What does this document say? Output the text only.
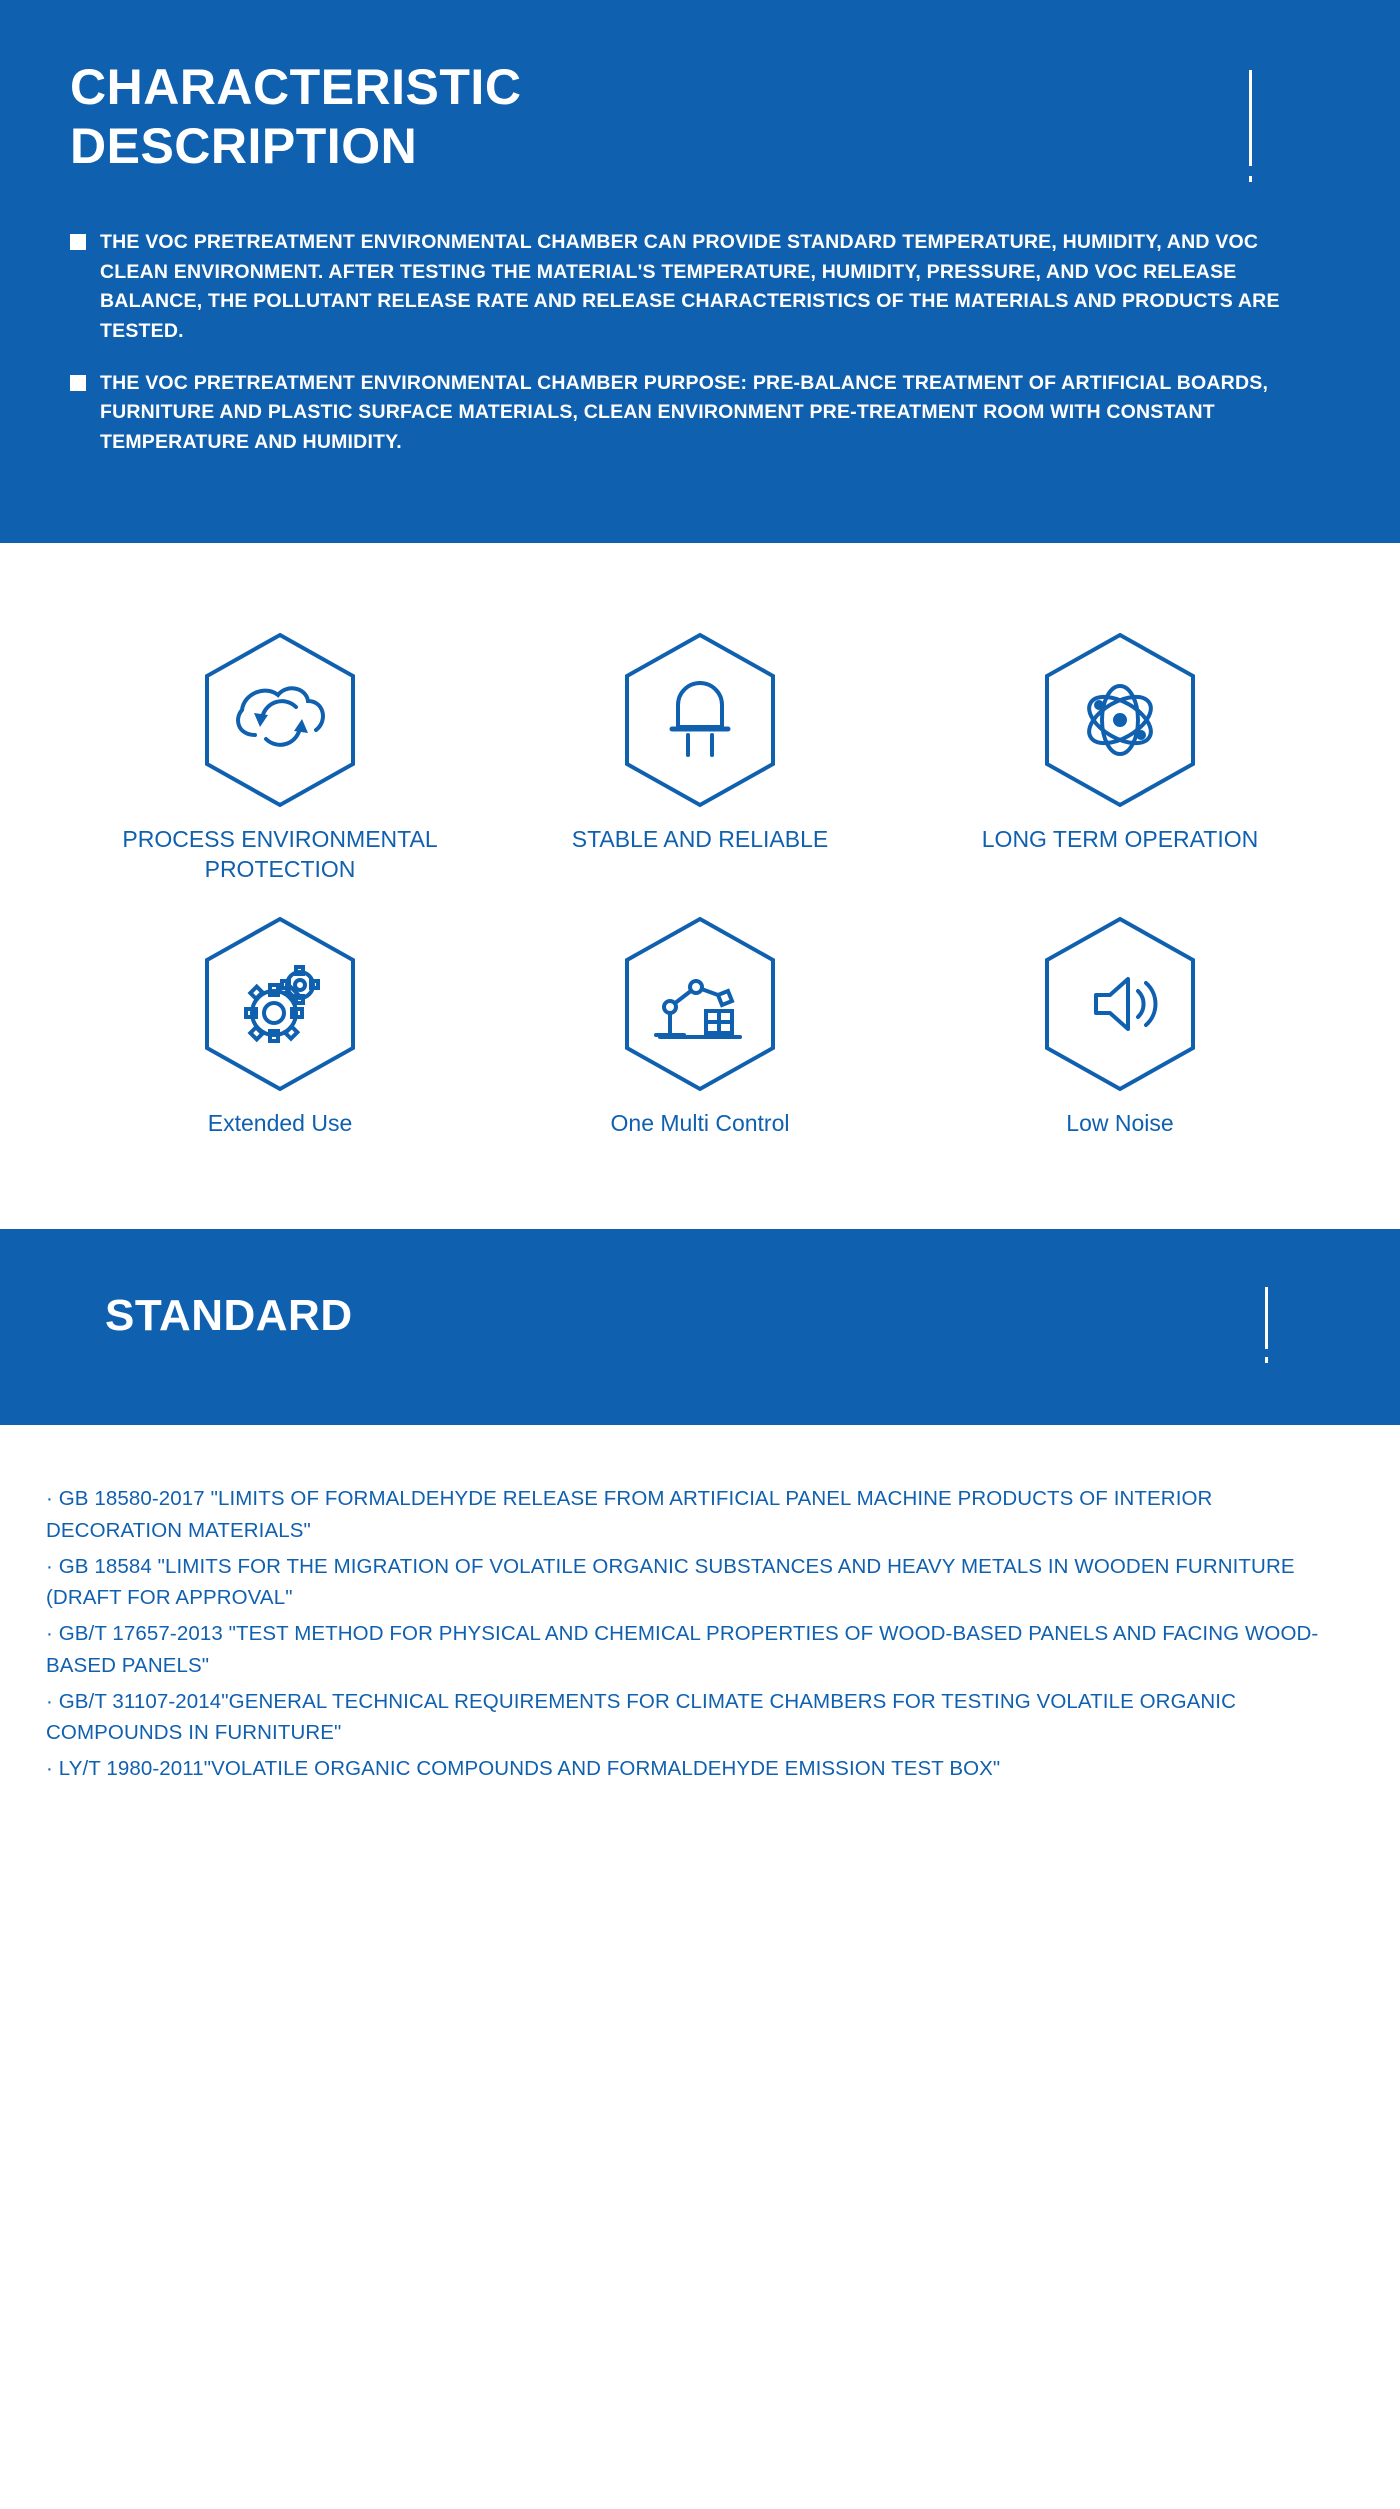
CHARACTERISTIC
DESCRIPTION

THE VOC PRETREATMENT ENVIRONMENTAL CHAMBER CAN PROVIDE STANDARD TEMPERATURE, HUMIDITY, AND VOC CLEAN ENVIRONMENT. AFTER TESTING THE MATERIAL'S TEMPERATURE, HUMIDITY, PRESSURE, AND VOC RELEASE BALANCE, THE POLLUTANT RELEASE RATE AND RELEASE CHARACTERISTICS OF THE MATERIALS AND PRODUCTS ARE TESTED.

THE VOC PRETREATMENT ENVIRONMENTAL CHAMBER PURPOSE: PRE-BALANCE TREATMENT OF ARTIFICIAL BOARDS, FURNITURE AND PLASTIC SURFACE MATERIALS, CLEAN ENVIRONMENT PRE-TREATMENT ROOM WITH CONSTANT TEMPERATURE AND HUMIDITY.

PROCESS ENVIRONMENTAL PROTECTION
STABLE AND RELIABLE	LONG TERM OPERATION
Extended Use	One Multi Control	Low Noise
STANDARD

· GB 18580-2017 "LIMITS OF FORMALDEHYDE RELEASE FROM ARTIFICIAL PANEL MACHINE PRODUCTS OF INTERIOR DECORATION MATERIALS"

· GB 18584 "LIMITS FOR THE MIGRATION OF VOLATILE ORGANIC SUBSTANCES AND HEAVY METALS IN WOODEN FURNITURE (DRAFT FOR APPROVAL"

· GB/T 17657-2013 "TEST METHOD FOR PHYSICAL AND CHEMICAL PROPERTIES OF WOOD-BASED PANELS AND FACING WOOD-BASED PANELS"

· GB/T 31107-2014"GENERAL TECHNICAL REQUIREMENTS FOR CLIMATE CHAMBERS FOR TESTING VOLATILE ORGANIC COMPOUNDS IN FURNITURE"

· LY/T 1980-2011"VOLATILE ORGANIC COMPOUNDS AND FORMALDEHYDE EMISSION TEST BOX"
